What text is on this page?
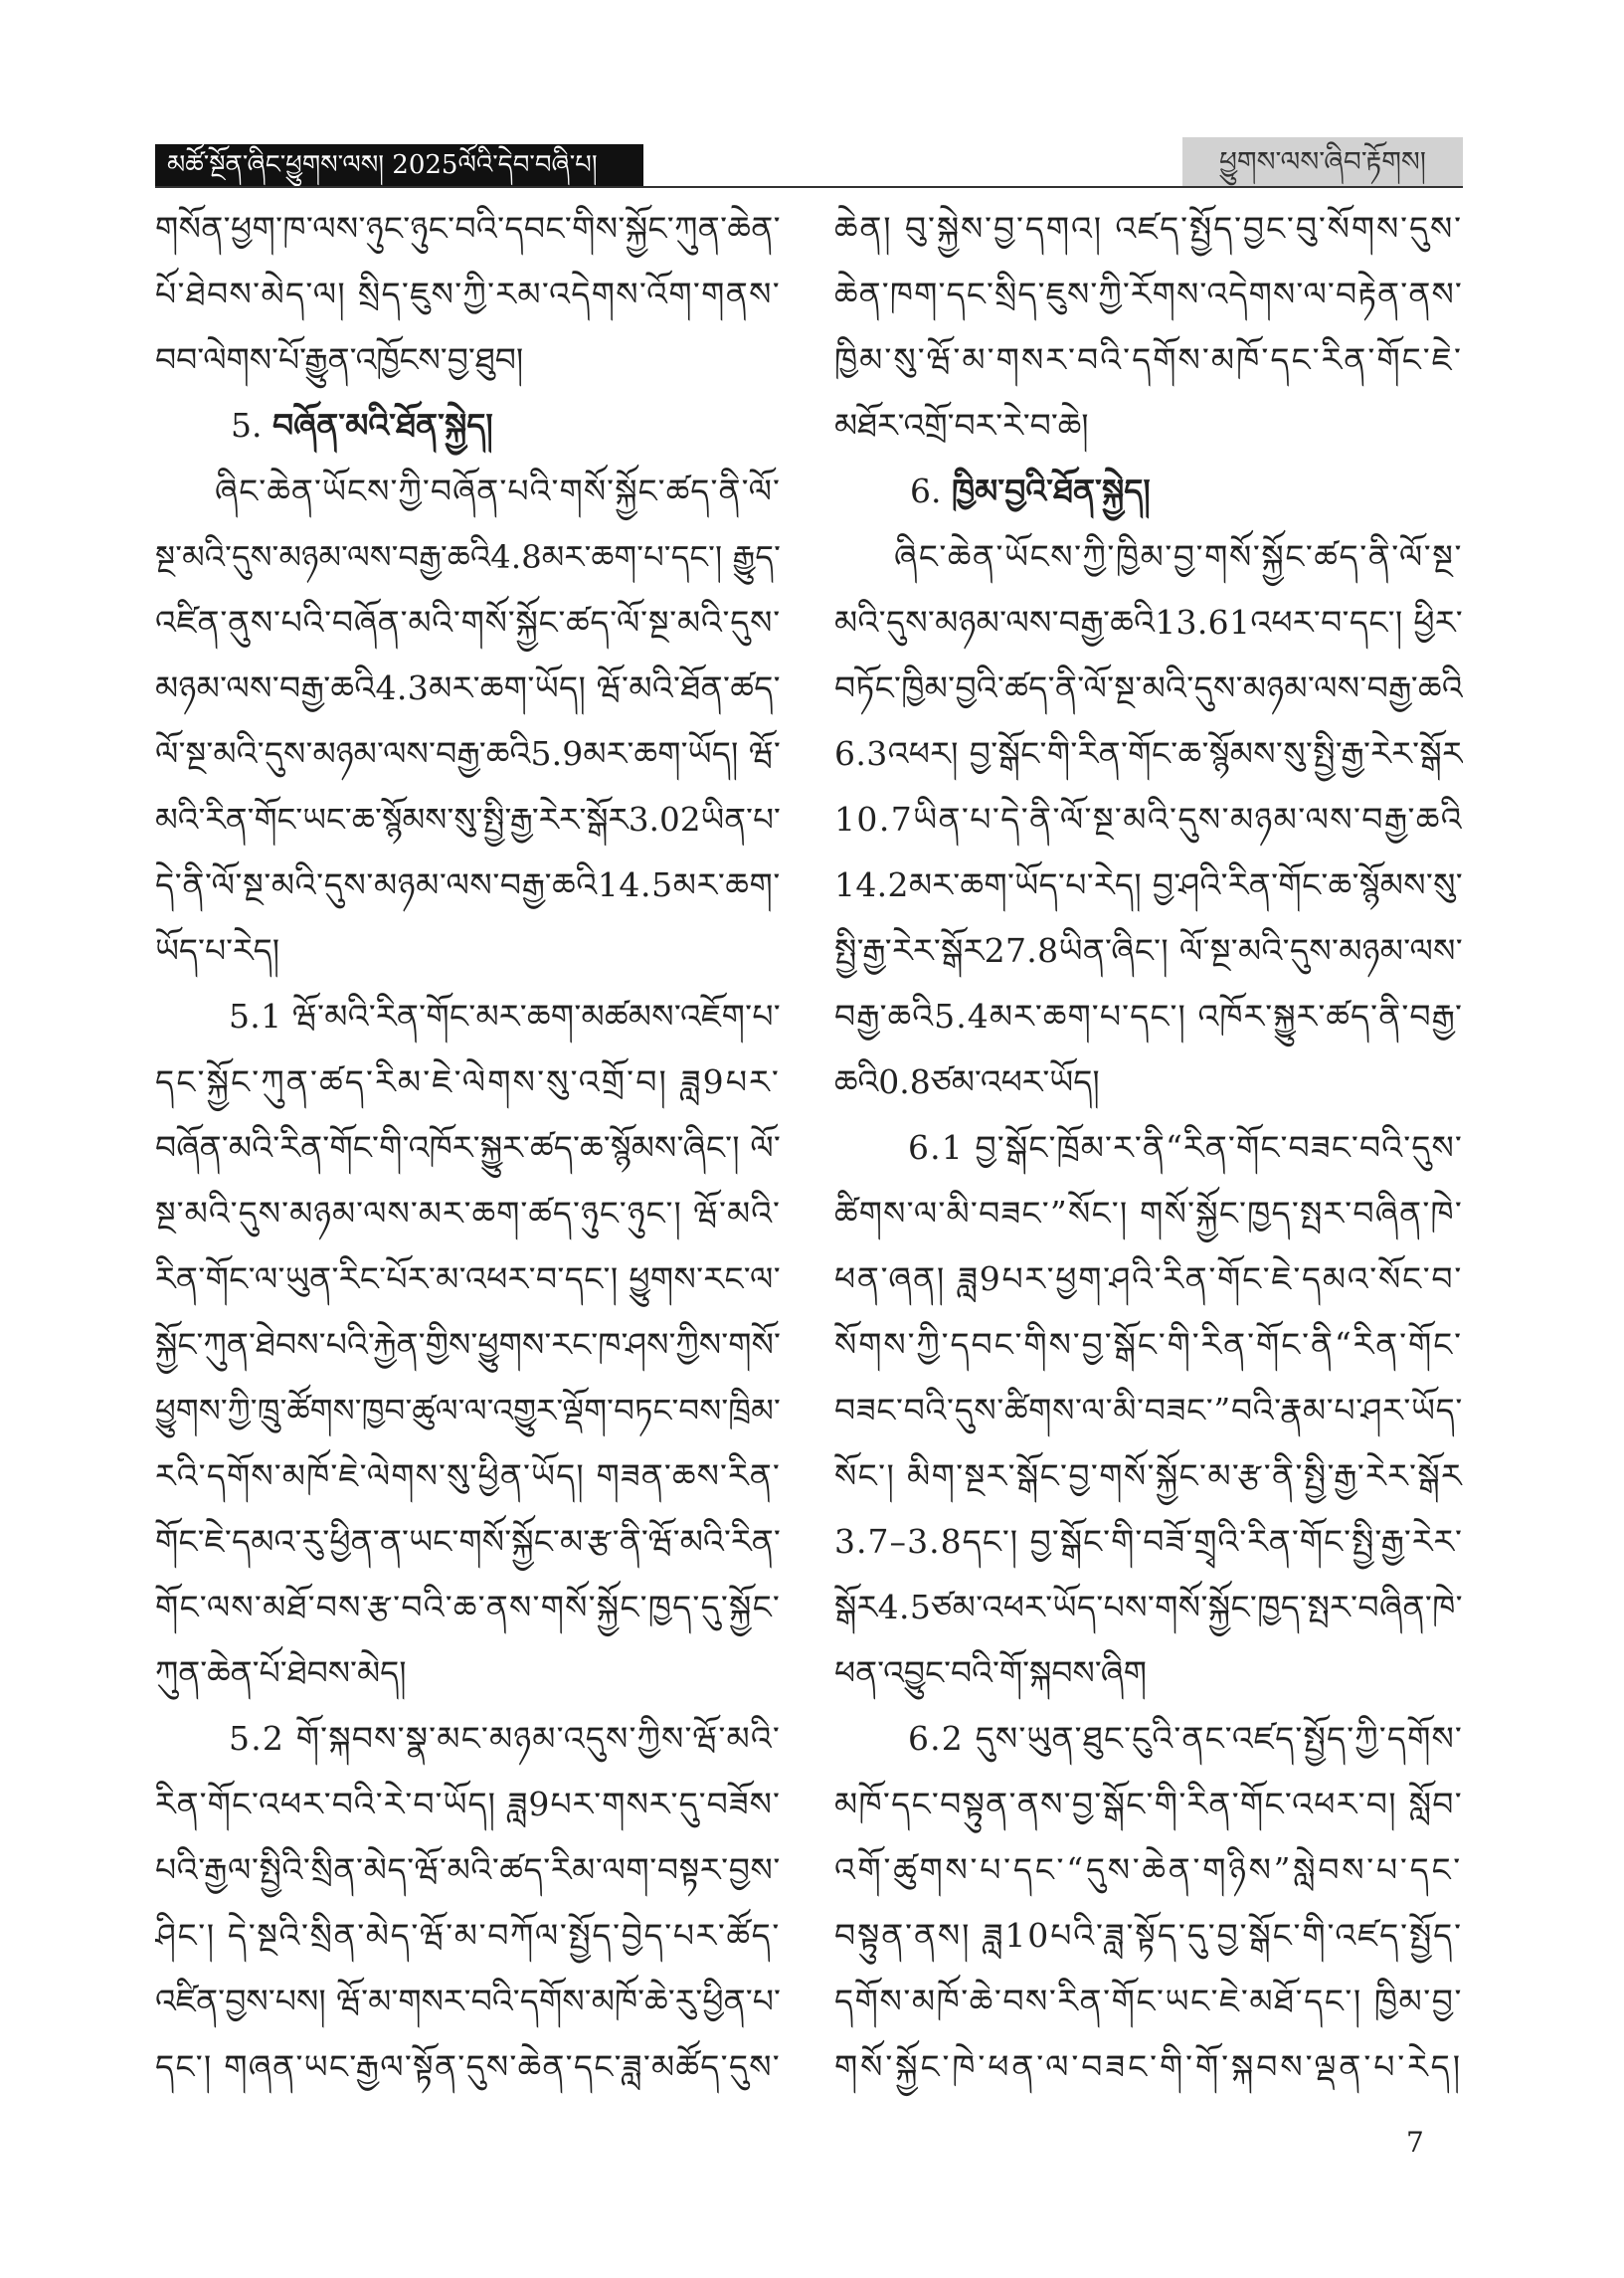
མཚོ་སྔོན་ཞིང་ཕྱུགས་ལས། 2025ལོའི་དེབ་བཞི་པ།	ཕྱུགས་ལས་ཞིབ་རྟོགས།
གསོན་ཕྱག་ཁ་ལས་ཉུང་ཉུང་བའི་དབང་གིས་སྐྱོང་ཀུན་ཆེན་
པོ་ཐེབས་མེད་ལ། སྲིད་ཇུས་ཀྱི་རམ་འདེགས་འོག་གནས་
བབ་ལེགས་པོ་རྒྱུན་འཁྱོངས་བྱ་ཐུབ།
5. བཞོན་མའི་ཐོན་སྐྱེད།
ཞིང་ཆེན་ཡོངས་ཀྱི་བཞོན་པའི་གསོ་སྐྱོང་ཚད་ནི་ལོ་
སྔ་མའི་དུས་མཉམ་ལས་བརྒྱ་ཆའི4.8མར་ཆག་པ་དང་། རྒྱུད་
འཛིན་ནུས་པའི་བཞོན་མའི་གསོ་སྐྱོང་ཚད་ལོ་སྔ་མའི་དུས་
མཉམ་ལས་བརྒྱ་ཆའི4.3མར་ཆག་ཡོད། ཝོ་མའི་ཐོན་ཚད་
ལོ་སྔ་མའི་དུས་མཉམ་ལས་བརྒྱ་ཆའི5.9མར་ཆག་ཡོད། ཝོ་
མའི་རིན་གོང་ཡང་ཆ་སྙོམས་སུ་སྤྱི་རྒྱ་རེར་སྒོར3.02ཡིན་པ་
དེ་ནི་ལོ་སྔ་མའི་དུས་མཉམ་ལས་བརྒྱ་ཆའི14.5མར་ཆག་
ཡོད་པ་རེད།
5.1 ཝོ་མའི་རིན་གོང་མར་ཆག་མཚམས་འཇོག་པ་
དང་སྐྱོང་ཀུན་ཚད་རིམ་ཇེ་ལེགས་སུ་འགྲོ་བ། ཟླ9པར་
བཞོན་མའི་རིན་གོང་གི་འཁོར་སྐྱུར་ཚད་ཆ་སྙོམས་ཞིང་། ལོ་
སྔ་མའི་དུས་མཉམ་ལས་མར་ཆག་ཚད་ཉུང་ཉུང་། ཝོ་མའི་
རིན་གོང་ལ་ཡུན་རིང་པོར་མ་འཕར་བ་དང་། ཕྱུགས་རང་ལ་
སྐྱོང་ཀུན་ཐེབས་པའི་རྐྱེན་གྱིས་ཕྱུགས་རང་ཁ་ཤས་ཀྱིས་གསོ་
ཕྱུགས་ཀྱི་ཁྲུ་ཚོགས་ཁྱབ་ཚུལ་ལ་འགྱུར་ལྡོག་བཏང་བས་ཁྲིམ་
རའི་དགོས་མཁོ་ཇེ་ལེགས་སུ་ཕྱིན་ཡོད། གཟན་ཆས་རིན་
གོང་ཇེ་དམའ་རུ་ཕྱིན་ན་ཡང་གསོ་སྐྱོང་མ་རྩ་ནི་ཝོ་མའི་རིན་
གོང་ལས་མཐོ་བས་རྩ་བའི་ཆ་ནས་གསོ་སྐྱོང་ཁྱད་དུ་སྐྱོང་
ཀུན་ཆེན་པོ་ཐེབས་མེད།
5.2 གོ་སྐབས་སྣ་མང་མཉམ་འདུས་ཀྱིས་ཝོ་མའི་
རིན་གོང་འཕར་བའི་རེ་བ་ཡོད། ཟླ9པར་གསར་དུ་བཟོས་
པའི་རྒྱལ་སྤྱིའི་སྲིན་མེད་ཝོ་མའི་ཚད་རིམ་ལག་བསྟར་བྱས་
ཤིང་། དེ་སྔའི་སྲིན་མེད་ཝོ་མ་བཀོལ་སྤྱོད་བྱེད་པར་ཚོད་
འཛིན་བྱས་པས། ཝོ་མ་གསར་བའི་དགོས་མཁོ་ཆེ་རུ་ཕྱིན་པ་
དང་། གཞན་ཡང་རྒྱལ་སྟོན་དུས་ཆེན་དང་ཟླ་མཚོད་དུས་
ཆེན། བུ་སྐྱེས་བྱ་དགའ། འཛད་སྤྱོད་བྱང་བུ་སོགས་དུས་
ཆེན་ཁག་དང་སྲིད་ཇུས་ཀྱི་རོགས་འདེགས་ལ་བརྟེན་ནས་
ཁྱིམ་སུ་ཝོ་མ་གསར་བའི་དགོས་མཁོ་དང་རིན་གོང་ཇེ་
མཐོར་འགྲོ་བར་རེ་བ་ཆེ།
6. ཁྱིམ་བྱའི་ཐོན་སྐྱེད།
ཞིང་ཆེན་ཡོངས་ཀྱི་ཁྱིམ་བྱ་གསོ་སྐྱོང་ཚད་ནི་ལོ་སྔ་
མའི་དུས་མཉམ་ལས་བརྒྱ་ཆའི13.61འཕར་བ་དང་། ཕྱིར་
བཏོང་ཁྱིམ་བྱའི་ཚད་ནི་ལོ་སྔ་མའི་དུས་མཉམ་ལས་བརྒྱ་ཆའི
6.3འཕར། བྱ་སྒོང་གི་རིན་གོང་ཆ་སྙོམས་སུ་སྤྱི་རྒྱ་རེར་སྒོར
10.7ཡིན་པ་དེ་ནི་ལོ་སྔ་མའི་དུས་མཉམ་ལས་བརྒྱ་ཆའི
14.2མར་ཆག་ཡོད་པ་རེད། བྱ་ཤའི་རིན་གོང་ཆ་སྙོམས་སུ་
སྤྱི་རྒྱ་རེར་སྒོར27.8ཡིན་ཞིང་། ལོ་སྔ་མའི་དུས་མཉམ་ལས་
བརྒྱ་ཆའི5.4མར་ཆག་པ་དང་། འཁོར་སྐྱུར་ཚད་ནི་བརྒྱ་
ཆའི0.8ཙམ་འཕར་ཡོད།
6.1 བྱ་སྒོང་ཁྲོམ་ར་ནི“རིན་གོང་བཟང་བའི་དུས་
ཚིགས་ལ་མི་བཟང་”སོང་། གསོ་སྐྱོང་ཁྱད་སྤར་བཞིན་ཁེ་
ཕན་ཞན། ཟླ9པར་ཕྱག་ཤའི་རིན་གོང་ཇེ་དམའ་སོང་བ་
སོགས་ཀྱི་དབང་གིས་བྱ་སྒོང་གི་རིན་གོང་ནི“རིན་གོང་
བཟང་བའི་དུས་ཚིགས་ལ་མི་བཟང་”བའི་རྣམ་པ་ཤར་ཡོད་
སོང་། མིག་སྔར་སྒོང་བྱ་གསོ་སྐྱོང་མ་རྩ་ནི་སྤྱི་རྒྱ་རེར་སྒོར
3.7–3.8དང་། བྱ་སྒོང་གི་བཟོ་གྲྭའི་རིན་གོང་སྤྱི་རྒྱ་རེར་
སྒོར4.5ཙམ་འཕར་ཡོད་པས་གསོ་སྐྱོང་ཁྱད་སྤར་བཞིན་ཁེ་
ཕན་འབྱུང་བའི་གོ་སྐབས་ཞིག
6.2 དུས་ཡུན་ཐུང་ངུའི་ནང་འཛད་སྤྱོད་ཀྱི་དགོས་
མཁོ་དང་བསྟུན་ནས་བྱ་སྒོང་གི་རིན་གོང་འཕར་བ། སློབ་
འགོ་ཚུགས་པ་དང་“དུས་ཆེན་གཉིས”སླེབས་པ་དང་
བསྟུན་ནས། ཟླ10པའི་ཟླ་སྟོད་དུ་བྱ་སྒོང་གི་འཛད་སྤྱོད་
དགོས་མཁོ་ཆེ་བས་རིན་གོང་ཡང་ཇེ་མཐོ་དང་། ཁྱིམ་བྱ་
གསོ་སྐྱོང་ཁེ་ཕན་ལ་བཟང་གི་གོ་སྐབས་ལྡན་པ་རེད།
7
